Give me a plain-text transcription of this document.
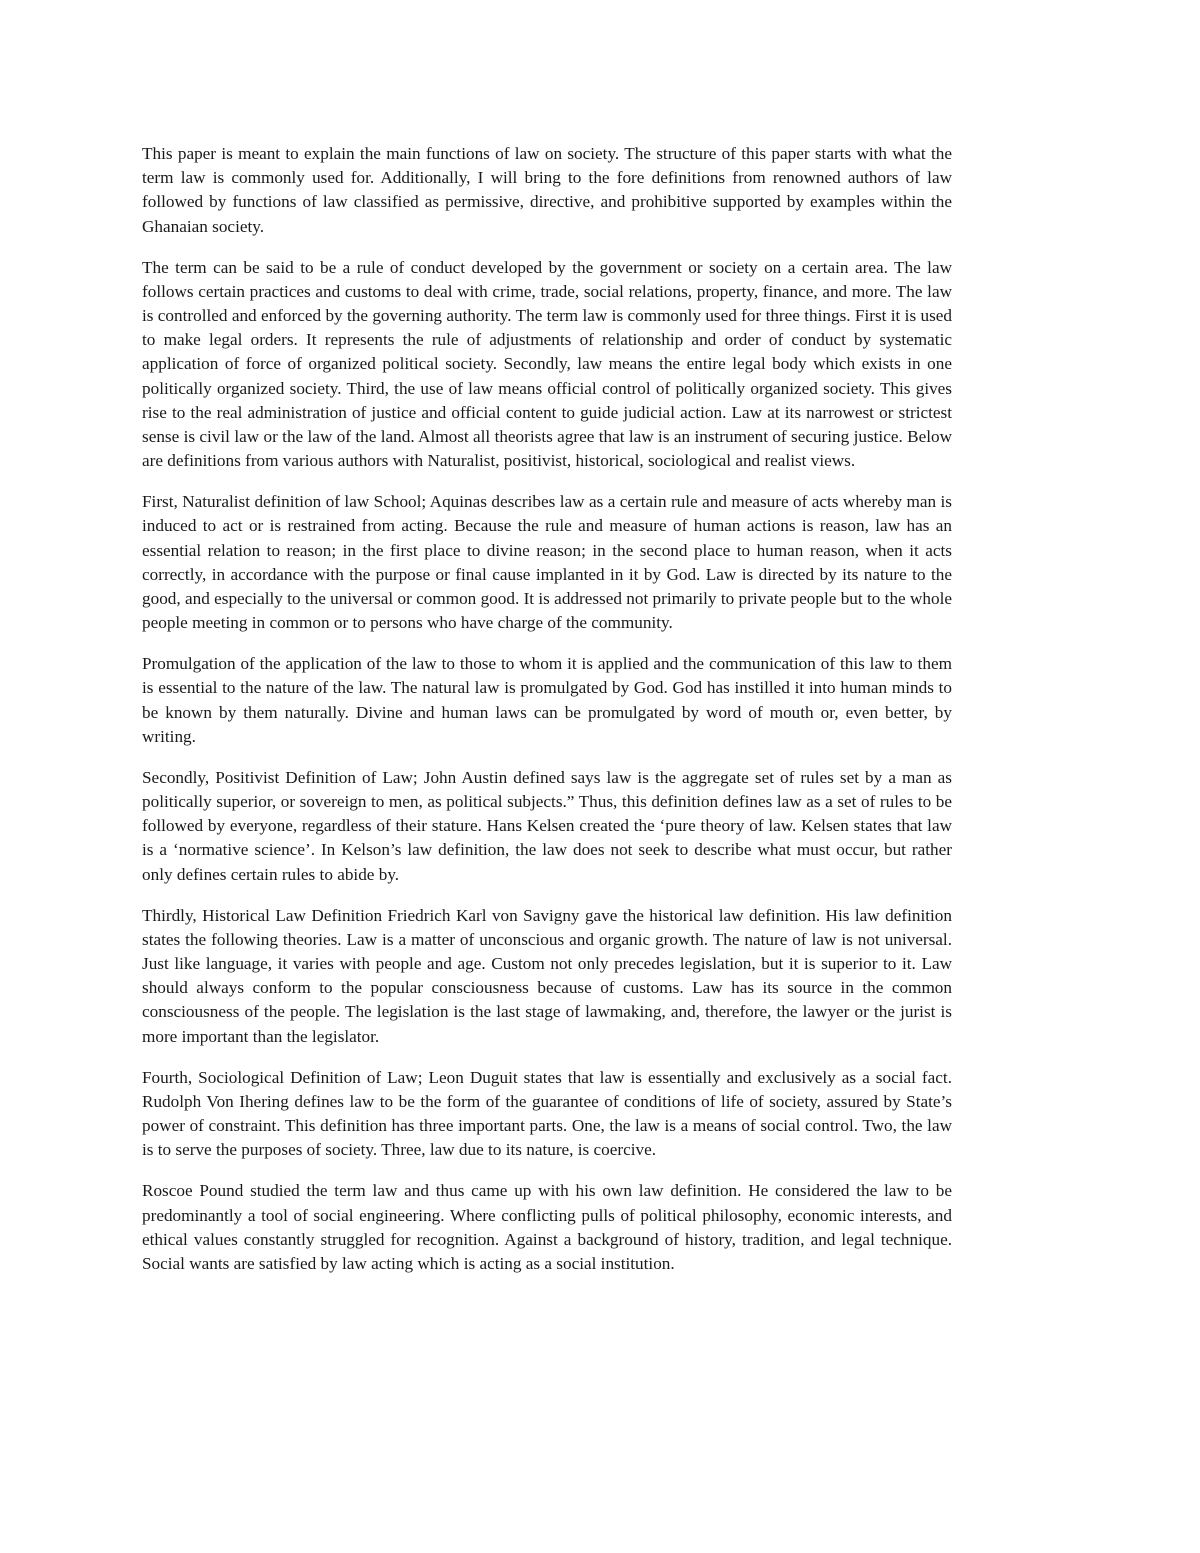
This paper is meant to explain the main functions of law on society. The structure of this paper starts with what the term law is commonly used for. Additionally, I will bring to the fore definitions from renowned authors of law followed by functions of law classified as permissive, directive, and prohibitive supported by examples within the Ghanaian society.

The term can be said to be a rule of conduct developed by the government or society on a certain area. The law follows certain practices and customs to deal with crime, trade, social relations, property, finance, and more. The law is controlled and enforced by the governing authority. The term law is commonly used for three things. First it is used to make legal orders. It represents the rule of adjustments of relationship and order of conduct by systematic application of force of organized political society. Secondly, law means the entire legal body which exists in one politically organized society. Third, the use of law means official control of politically organized society. This gives rise to the real administration of justice and official content to guide judicial action. Law at its narrowest or strictest sense is civil law or the law of the land. Almost all theorists agree that law is an instrument of securing justice. Below are definitions from various authors with Naturalist, positivist, historical, sociological and realist views.

First, Naturalist definition of law School; Aquinas describes law as a certain rule and measure of acts whereby man is induced to act or is restrained from acting. Because the rule and measure of human actions is reason, law has an essential relation to reason; in the first place to divine reason; in the second place to human reason, when it acts correctly, in accordance with the purpose or final cause implanted in it by God. Law is directed by its nature to the good, and especially to the universal or common good. It is addressed not primarily to private people but to the whole people meeting in common or to persons who have charge of the community.

Promulgation of the application of the law to those to whom it is applied and the communication of this law to them is essential to the nature of the law. The natural law is promulgated by God. God has instilled it into human minds to be known by them naturally. Divine and human laws can be promulgated by word of mouth or, even better, by writing.

Secondly, Positivist Definition of Law; John Austin defined says law is the aggregate set of rules set by a man as politically superior, or sovereign to men, as political subjects.” Thus, this definition defines law as a set of rules to be followed by everyone, regardless of their stature. Hans Kelsen created the ‘pure theory of law. Kelsen states that law is a ‘normative science’. In Kelson’s law definition, the law does not seek to describe what must occur, but rather only defines certain rules to abide by.

Thirdly, Historical Law Definition Friedrich Karl von Savigny gave the historical law definition. His law definition states the following theories. Law is a matter of unconscious and organic growth. The nature of law is not universal. Just like language, it varies with people and age. Custom not only precedes legislation, but it is superior to it. Law should always conform to the popular consciousness because of customs. Law has its source in the common consciousness of the people. The legislation is the last stage of lawmaking, and, therefore, the lawyer or the jurist is more important than the legislator.

Fourth, Sociological Definition of Law; Leon Duguit states that law is essentially and exclusively as a social fact. Rudolph Von Ihering defines law to be the form of the guarantee of conditions of life of society, assured by State’s power of constraint. This definition has three important parts. One, the law is a means of social control. Two, the law is to serve the purposes of society. Three, law due to its nature, is coercive.

Roscoe Pound studied the term law and thus came up with his own law definition. He considered the law to be predominantly a tool of social engineering. Where conflicting pulls of political philosophy, economic interests, and ethical values constantly struggled for recognition. Against a background of history, tradition, and legal technique. Social wants are satisfied by law acting which is acting as a social institution.
